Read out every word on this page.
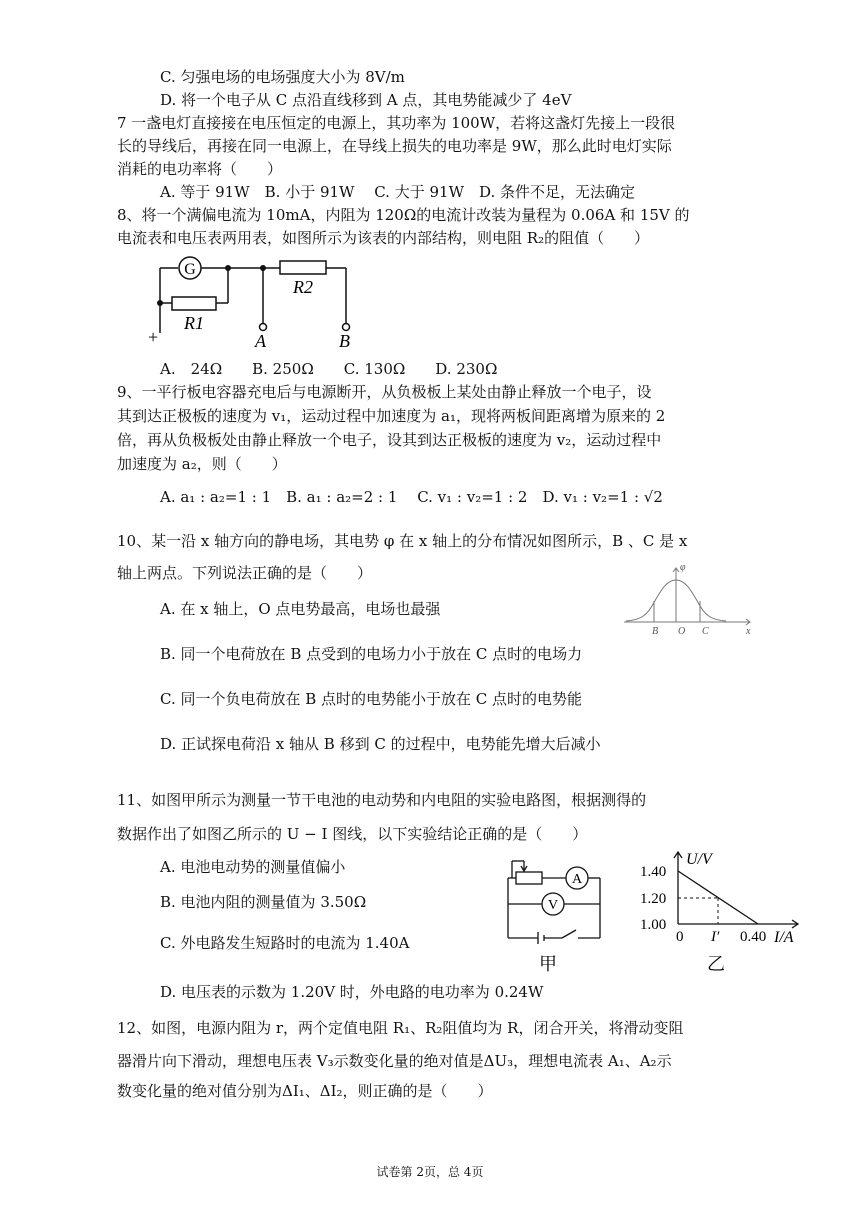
C. 匀强电场的电场强度大小为 8V/m
D. 将一个电子从 C 点沿直线移到 A 点，其电势能减少了 4eV
7 一盏电灯直接接在电压恒定的电源上，其功率为 100W，若将这盏灯先接上一段很
长的导线后，再接在同一电源上，在导线上损失的电功率是 9W，那么此时电灯实际
消耗的电功率将（　　）
A. 等于 91W　B. 小于 91W　 C. 大于 91W　D. 条件不足，无法确定
8、将一个满偏电流为 10mA，内阻为 120Ω的电流计改装为量程为 0.06A 和 15V 的
电流表和电压表两用表，如图所示为该表的内部结构，则电阻 R₂的阻值（　　）
G
R2
R1
+	A	B
A.　24Ω　　B. 250Ω　　C. 130Ω　　D. 230Ω
9、一平行板电容器充电后与电源断开，从负极板上某处由静止释放一个电子，设
其到达正极板的速度为 v₁，运动过程中加速度为 a₁，现将两板间距离增为原来的 2
倍，再从负极板处由静止释放一个电子，设其到达正极板的速度为 v₂，运动过程中
加速度为 a₂，则（　　）
A. a₁ : a₂=1 : 1　B. a₁ : a₂=2 : 1　 C. v₁ : v₂=1 : 2　D. v₁ : v₂=1 : √2
10、某一沿 x 轴方向的静电场，其电势 φ 在 x 轴上的分布情况如图所示，B 、C 是 x
轴上两点。下列说法正确的是（　　）	φ
B O C	x
A. 在 x 轴上，O 点电势最高，电场也最强
B. 同一个电荷放在 B 点受到的电场力小于放在 C 点时的电场力
C. 同一个负电荷放在 B 点时的电势能小于放在 C 点时的电势能
D. 正试探电荷沿 x 轴从 B 移到 C 的过程中，电势能先增大后减小
11、如图甲所示为测量一节干电池的电动势和内电阻的实验电路图，根据测得的
数据作出了如图乙所示的 U − I 图线，以下实验结论正确的是（　　）
A. 电池电动势的测量值偏小
B. 电池内阻的测量值为 3.50Ω
C. 外电路发生短路时的电流为 1.40A
D. 电压表的示数为 1.20V 时，外电路的电功率为 0.24W
A
V
甲
U/V
I/A
1.40
1.20
1.00
0 I′ 0.40
乙
12、如图，电源内阻为 r，两个定值电阻 R₁、R₂阻值均为 R，闭合开关，将滑动变阻
器滑片向下滑动，理想电压表 V₃示数变化量的绝对值是ΔU₃，理想电流表 A₁、A₂示
数变化量的绝对值分别为ΔI₁、ΔI₂，则正确的是（　　）
试卷第 2页，总 4页
